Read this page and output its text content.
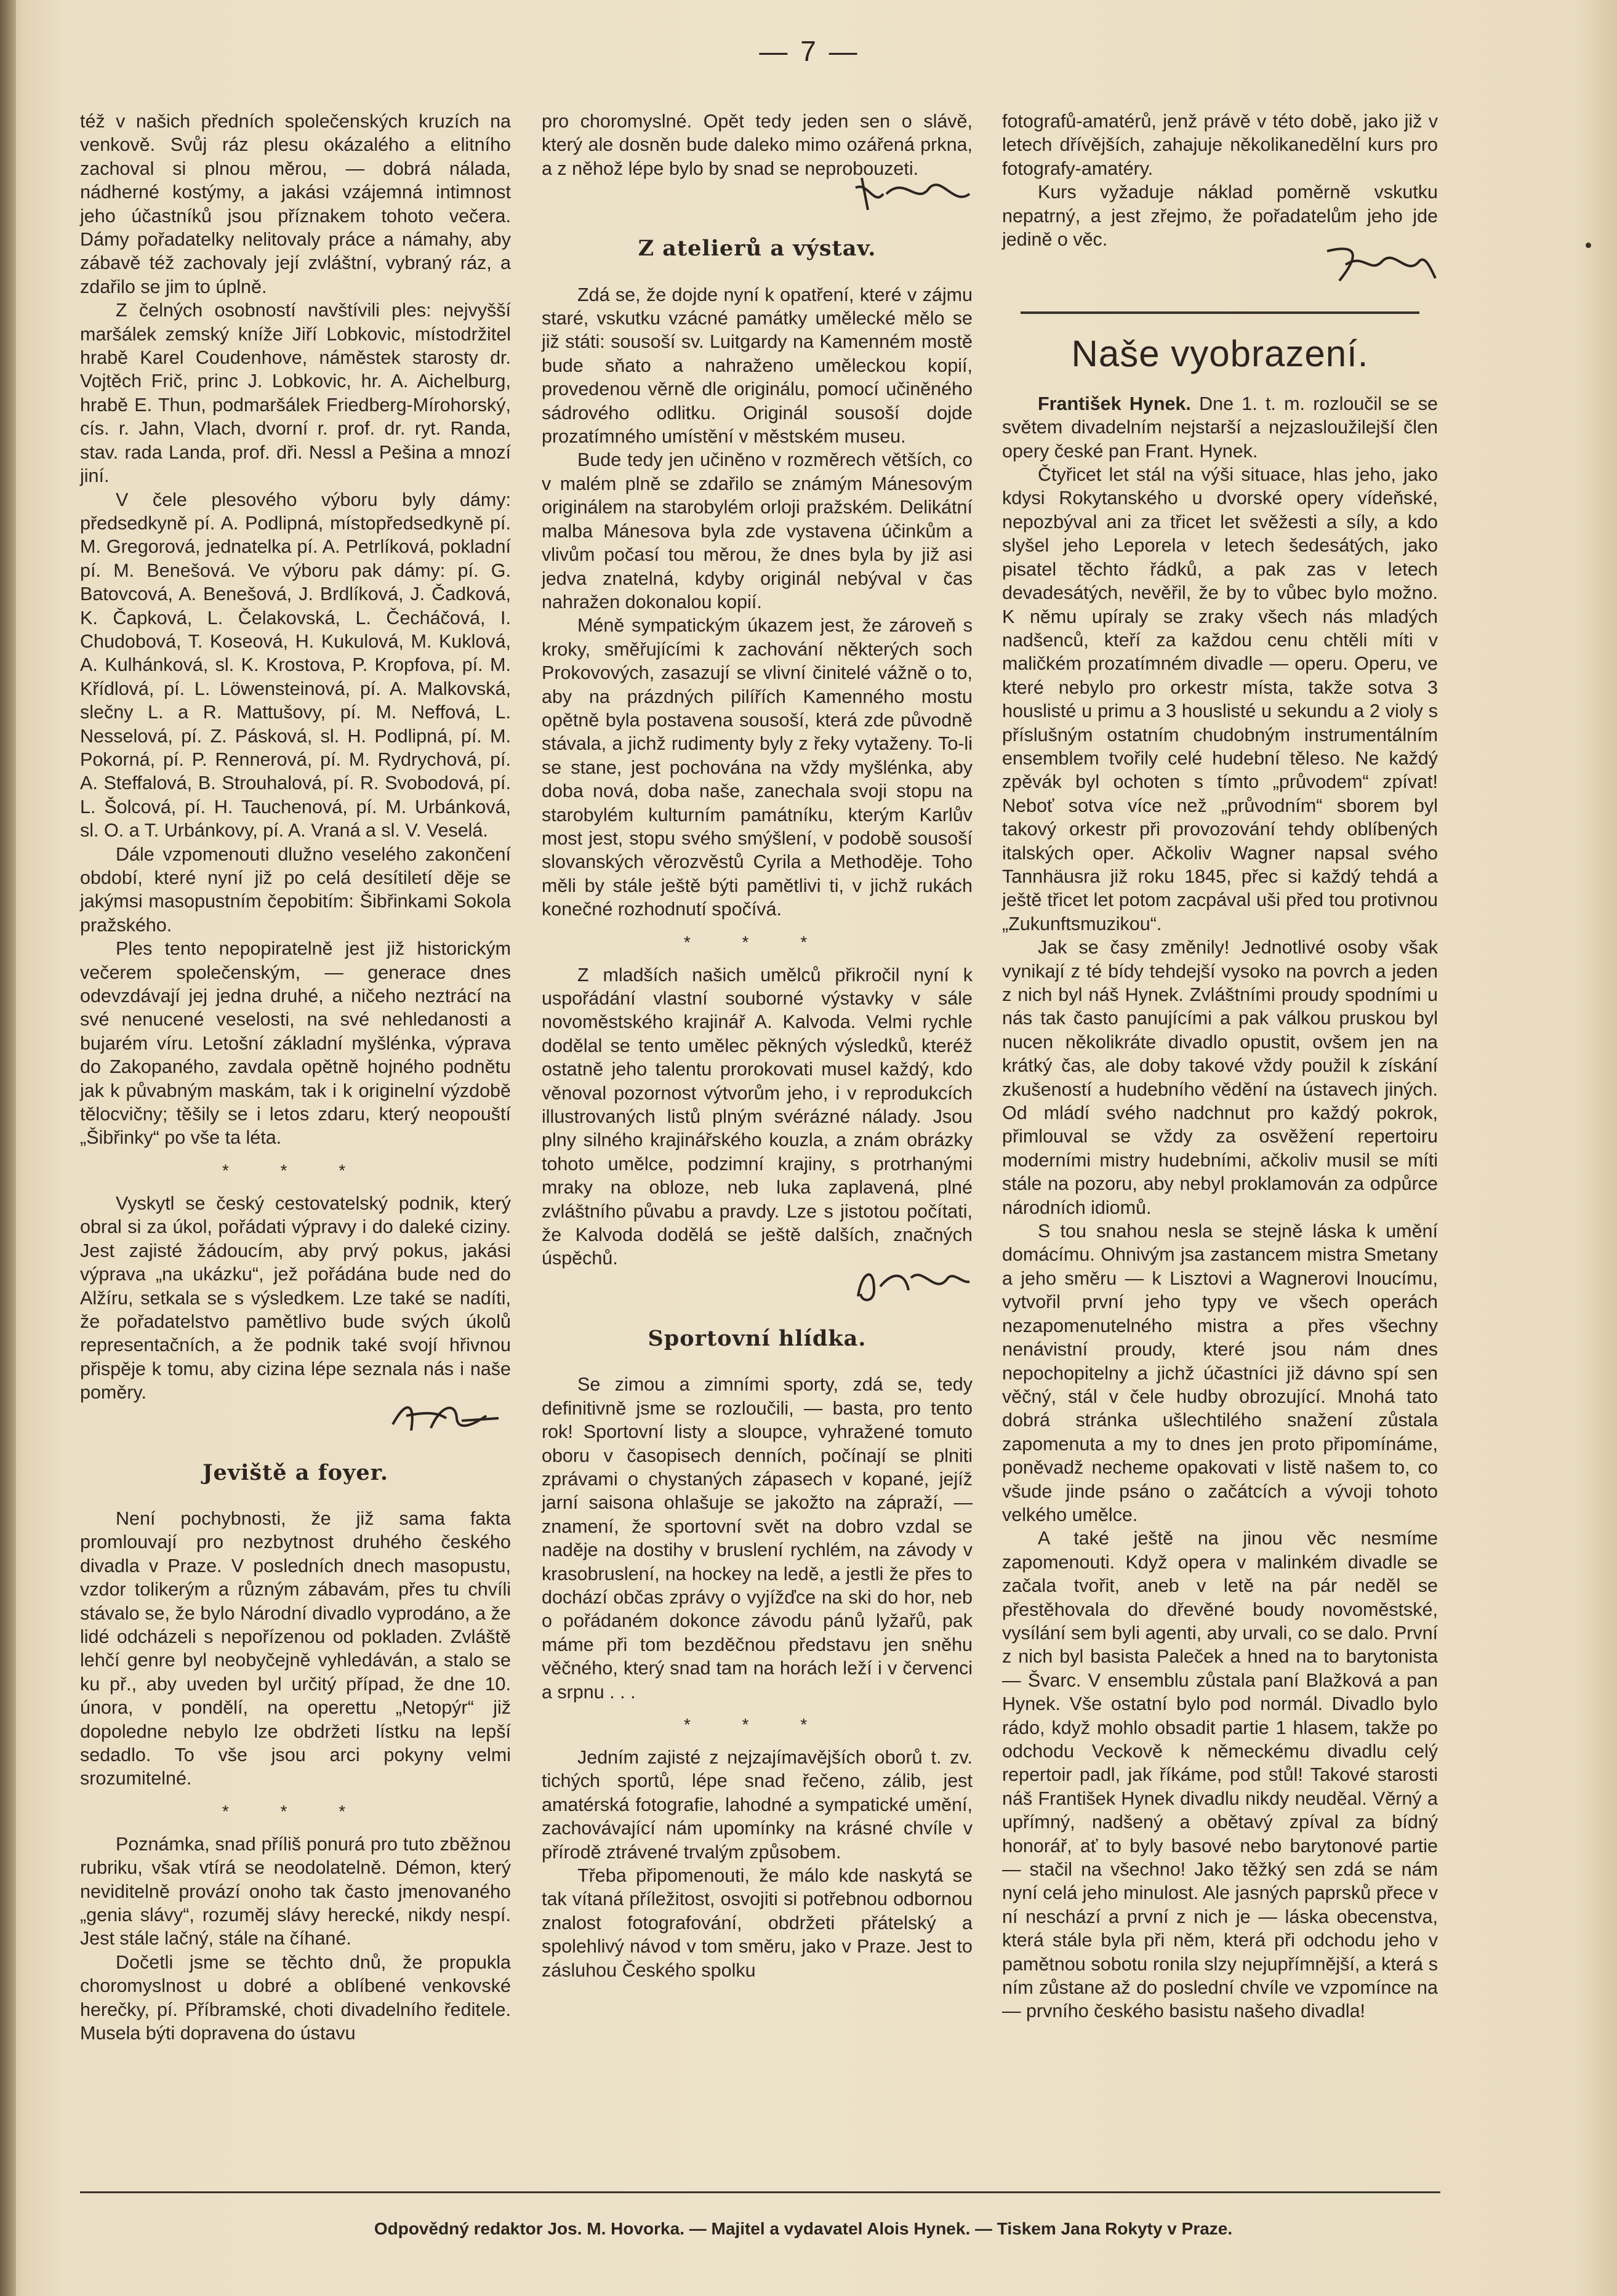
— 7 —

též v našich předních společenských kruzích na venkově. Svůj ráz plesu okázalého a elitního zachoval si plnou měrou, — dobrá nálada, nádherné kostýmy, a jakási vzájemná intimnost jeho účastníků jsou příznakem tohoto večera. Dámy pořadatelky nelitovaly práce a námahy, aby zábavě též zachovaly její zvláštní, vybraný ráz, a zdařilo se jim to úplně.

Z čelných osobností navštívili ples: nejvyšší maršálek zemský kníže Jiří Lobkovic, místodržitel hrabě Karel Coudenhove, náměstek starosty dr. Vojtěch Frič, princ J. Lobkovic, hr. A. Aichelburg, hrabě E. Thun, podmaršálek Friedberg-Mírohorský, cís. r. Jahn, Vlach, dvorní r. prof. dr. ryt. Randa, stav. rada Landa, prof. dři. Nessl a Pešina a mnozí jiní.

V čele plesového výboru byly dámy: předsedkyně pí. A. Podlipná, místopředsedkyně pí. M. Gregorová, jednatelka pí. A. Petrlíková, pokladní pí. M. Benešová. Ve výboru pak dámy: pí. G. Batovcová, A. Benešová, J. Brdlíková, J. Čadková, K. Čapková, L. Čelakovská, L. Čecháčová, I. Chudobová, T. Koseová, H. Kukulová, M. Kuklová, A. Kulhánková, sl. K. Krostova, P. Kropfova, pí. M. Křídlová, pí. L. Löwensteinová, pí. A. Malkovská, slečny L. a R. Mattušovy, pí. M. Neffová, L. Nesselová, pí. Z. Pásková, sl. H. Podlipná, pí. M. Pokorná, pí. P. Rennerová, pí. M. Rydrychová, pí. A. Steffalová, B. Strouhalová, pí. R. Svobodová, pí. L. Šolcová, pí. H. Tauchenová, pí. M. Urbánková, sl. O. a T. Urbánkovy, pí. A. Vraná a sl. V. Veselá.

Dále vzpomenouti dlužno veselého zakončení období, které nyní již po celá desítiletí děje se jakýmsi masopustním čepobitím: Šibřinkami Sokola pražského.

Ples tento nepopiratelně jest již historickým večerem společenským, — generace dnes odevzdávají jej jedna druhé, a ničeho neztrácí na své nenucené veselosti, na své nehledanosti a bujarém víru. Letošní základní myšlénka, výprava do Zakopaného, zavdala opětně hojného podnětu jak k půvabným maskám, tak i k originelní výzdobě tělocvičny; těšily se i letos zdaru, který neopouští „Šibřinky“ po vše ta léta.

* * *

Vyskytl se český cestovatelský podnik, který obral si za úkol, pořádati výpravy i do daleké ciziny. Jest zajisté žádoucím, aby prvý pokus, jakási výprava „na ukázku“, jež pořádána bude ned do Alžíru, setkala se s výsledkem. Lze také se nadíti, že pořadatelstvo pamětlivo bude svých úkolů representačních, a že podnik také svojí hřivnou přispěje k tomu, aby cizina lépe seznala nás i naše poměry.

Jeviště a foyer.

Není pochybnosti, že již sama fakta promlouvají pro nezbytnost druhého českého divadla v Praze. V posledních dnech masopustu, vzdor tolikerým a různým zábavám, přes tu chvíli stávalo se, že bylo Národní divadlo vyprodáno, a že lidé odcházeli s nepořízenou od pokladen. Zvláště lehčí genre byl neobyčejně vyhledáván, a stalo se ku př., aby uveden byl určitý případ, že dne 10. února, v pondělí, na operettu „Netopýr“ již dopoledne nebylo lze obdržeti lístku na lepší sedadlo. To vše jsou arci pokyny velmi srozumitelné.

* * *

Poznámka, snad příliš ponurá pro tuto zběžnou rubriku, však vtírá se neodolatelně. Démon, který neviditelně provází onoho tak často jmenovaného „genia slávy“, rozuměj slávy herecké, nikdy nespí. Jest stále lačný, stále na číhané.

Dočetli jsme se těchto dnů, že propukla choromyslnost u dobré a oblíbené venkovské herečky, pí. Příbramské, choti divadelního ředitele. Musela býti dopravena do ústavu

pro choromyslné. Opět tedy jeden sen o slávě, který ale dosněn bude daleko mimo ozářená prkna, a z něhož lépe bylo by snad se neprobouzeti.

Z atelierů a výstav.

Zdá se, že dojde nyní k opatření, které v zájmu staré, vskutku vzácné památky umělecké mělo se již státi: sousoší sv. Luitgardy na Kamenném mostě bude sňato a nahraženo uměleckou kopií, provedenou věrně dle originálu, pomocí učiněného sádrového odlitku. Originál sousoší dojde prozatímného umístění v městském museu.

Bude tedy jen učiněno v rozměrech větších, co v malém plně se zdařilo se známým Mánesovým originálem na starobylém orloji pražském. Delikátní malba Mánesova byla zde vystavena účinkům a vlivům počasí tou měrou, že dnes byla by již asi jedva znatelná, kdyby originál nebýval v čas nahražen dokonalou kopií.

Méně sympatickým úkazem jest, že zároveň s kroky, směřujícími k zachování některých soch Prokovových, zasazují se vlivní činitelé vážně o to, aby na prázdných pilířích Kamenného mostu opětně byla postavena sousoší, která zde původně stávala, a jichž rudimenty byly z řeky vytaženy. To-li se stane, jest pochována na vždy myšlénka, aby doba nová, doba naše, zanechala svoji stopu na starobylém kulturním památníku, kterým Karlův most jest, stopu svého smýšlení, v podobě sousoší slovanských věrozvěstů Cyrila a Methoděje. Toho měli by stále ještě býti pamětlivi ti, v jichž rukách konečné rozhodnutí spočívá.

* * *

Z mladších našich umělců přikročil nyní k uspořádání vlastní souborné výstavky v sále novoměstského krajinář A. Kalvoda. Velmi rychle dodělal se tento umělec pěkných výsledků, kteréž ostatně jeho talentu prorokovati musel každý, kdo věnoval pozornost výtvorům jeho, i v reprodukcích illustrovaných listů plným svérázné nálady. Jsou plny silného krajinářského kouzla, a znám obrázky tohoto umělce, podzimní krajiny, s protrhanými mraky na obloze, neb luka zaplavená, plné zvláštního půvabu a pravdy. Lze s jistotou počítati, že Kalvoda dodělá se ještě dalších, značných úspěchů.

Sportovní hlídka.

Se zimou a zimními sporty, zdá se, tedy definitivně jsme se rozloučili, — basta, pro tento rok! Sportovní listy a sloupce, vyhražené tomuto oboru v časopisech denních, počínají se plniti zprávami o chystaných zápasech v kopané, jejíž jarní saisona ohlašuje se jakožto na zápraží, — znamení, že sportovní svět na dobro vzdal se naděje na dostihy v bruslení rychlém, na závody v krasobruslení, na hockey na ledě, a jestli že přes to dochází občas zprávy o vyjížďce na ski do hor, neb o pořádaném dokonce závodu pánů lyžařů, pak máme při tom bezděčnou představu jen sněhu věčného, který snad tam na horách leží i v červenci a srpnu . . .

* * *

Jedním zajisté z nejzajímavějších oborů t. zv. tichých sportů, lépe snad řečeno, zálib, jest amatérská fotografie, lahodné a sympatické umění, zachovávající nám upomínky na krásné chvíle v přírodě ztrávené trvalým způsobem.

Třeba připomenouti, že málo kde naskytá se tak vítaná příležitost, osvojiti si potřebnou odbornou znalost fotografování, obdržeti přátelský a spolehlivý návod v tom směru, jako v Praze. Jest to zásluhou Českého spolku

fotografů-amatérů, jenž právě v této době, jako již v letech dřívějších, zahajuje několikanedělní kurs pro fotografy-amatéry.

Kurs vyžaduje náklad poměrně vskutku nepatrný, a jest zřejmo, že pořadatelům jeho jde jedině o věc.

Naše vyobrazení.

František Hynek. Dne 1. t. m. rozloučil se se světem divadelním nejstarší a nejzasloužilejší člen opery české pan Frant. Hynek.

Čtyřicet let stál na výši situace, hlas jeho, jako kdysi Rokytanského u dvorské opery vídeňské, nepozbýval ani za třicet let svěžesti a síly, a kdo slyšel jeho Leporela v letech šedesátých, jako pisatel těchto řádků, a pak zas v letech devadesátých, nevěřil, že by to vůbec bylo možno. K němu upíraly se zraky všech nás mladých nadšenců, kteří za každou cenu chtěli míti v maličkém prozatímném divadle — operu. Operu, ve které nebylo pro orkestr místa, takže sotva 3 houslisté u primu a 3 houslisté u sekundu a 2 violy s příslušným ostatním chudobným instrumentálním ensemblem tvořily celé hudební těleso. Ne každý zpěvák byl ochoten s tímto „průvodem“ zpívat! Neboť sotva více než „průvodním“ sborem byl takový orkestr při provozování tehdy oblíbených italských oper. Ačkoliv Wagner napsal svého Tannhäusra již roku 1845, přec si každý tehdá a ještě třicet let potom zacpával uši před tou protivnou „Zukunftsmuzikou“.

Jak se časy změnily! Jednotlivé osoby však vynikají z té bídy tehdejší vysoko na povrch a jeden z nich byl náš Hynek. Zvláštními proudy spodními u nás tak často panujícími a pak válkou pruskou byl nucen několikráte divadlo opustit, ovšem jen na krátký čas, ale doby takové vždy použil k získání zkušeností a hudebního vědění na ústavech jiných. Od mládí svého nadchnut pro každý pokrok, přimlouval se vždy za osvěžení repertoiru moderními mistry hudebními, ačkoliv musil se míti stále na pozoru, aby nebyl proklamován za odpůrce národních idiomů.

S tou snahou nesla se stejně láska k umění domácímu. Ohnivým jsa zastancem mistra Smetany a jeho směru — k Lisztovi a Wagnerovi lnoucímu, vytvořil první jeho typy ve všech operách nezapomenutelného mistra a přes všechny nenávistní proudy, které jsou nám dnes nepochopitelny a jichž účastníci již dávno spí sen věčný, stál v čele hudby obrozující. Mnohá tato dobrá stránka ušlechtilého snažení zůstala zapomenuta a my to dnes jen proto připomínáme, poněvadž necheme opakovati v listě našem to, co všude jinde psáno o začátcích a vývoji tohoto velkého umělce.

A také ještě na jinou věc nesmíme zapomenouti. Když opera v malinkém divadle se začala tvořit, aneb v letě na pár neděl se přestěhovala do dřevěné boudy novoměstské, vysílání sem byli agenti, aby urvali, co se dalo. První z nich byl basista Paleček a hned na to barytonista — Švarc. V ensemblu zůstala paní Blažková a pan Hynek. Vše ostatní bylo pod normál. Divadlo bylo rádo, když mohlo obsadit partie 1 hlasem, takže po odchodu Veckově k německému divadlu celý repertoir padl, jak říkáme, pod stůl! Takové starosti náš František Hynek divadlu nikdy neuděal. Věrný a upřímný, nadšený a obětavý zpíval za bídný honorář, ať to byly basové nebo barytonové partie — stačil na všechno! Jako těžký sen zdá se nám nyní celá jeho minulost. Ale jasných paprsků přece v ní neschází a první z nich je — láska obecenstva, která stále byla při něm, která při odchodu jeho v pamětnou sobotu ronila slzy nejupřímnější, a která s ním zůstane až do poslední chvíle ve vzpomínce na — prvního českého basistu našeho divadla!

Odpovědný redaktor Jos. M. Hovorka. — Majitel a vydavatel Alois Hynek. — Tiskem Jana Rokyty v Praze.
